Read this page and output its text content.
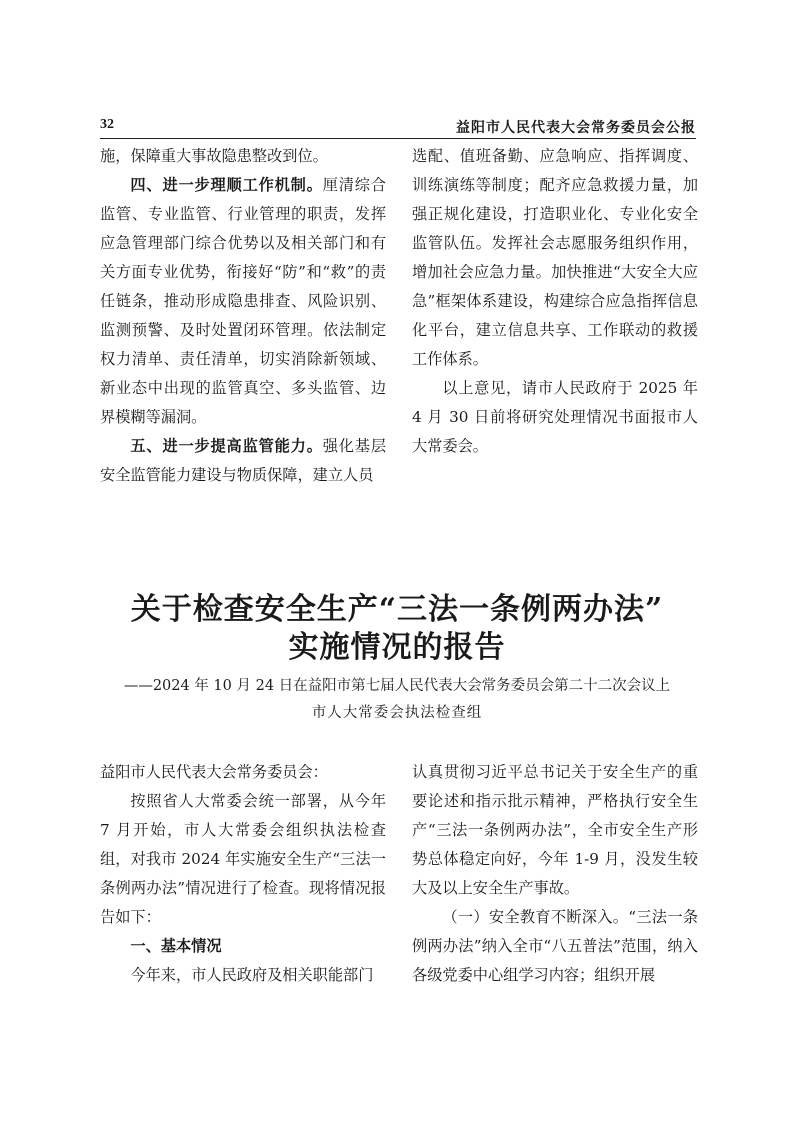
32	益阳市人民代表大会常务委员会公报

施，保障重大事故隐患整改到位。

四、进一步理顺工作机制。厘清综合监管、专业监管、行业管理的职责，发挥应急管理部门综合优势以及相关部门和有关方面专业优势，衔接好“防”和“救”的责任链条，推动形成隐患排查、风险识别、监测预警、及时处置闭环管理。依法制定权力清单、责任清单，切实消除新领域、新业态中出现的监管真空、多头监管、边界模糊等漏洞。

五、进一步提高监管能力。强化基层安全监管能力建设与物质保障，建立人员

选配、值班备勤、应急响应、指挥调度、训练演练等制度；配齐应急救援力量，加强正规化建设，打造职业化、专业化安全监管队伍。发挥社会志愿服务组织作用，增加社会应急力量。加快推进“大安全大应急”框架体系建设，构建综合应急指挥信息化平台，建立信息共享、工作联动的救援工作体系。

以上意见，请市人民政府于 2025 年 4 月 30 日前将研究处理情况书面报市人大常委会。

关于检查安全生产“三法一条例两办法”
实施情况的报告
——2024 年 10 月 24 日在益阳市第七届人民代表大会常务委员会第二十二次会议上
市人大常委会执法检查组

益阳市人民代表大会常务委员会：

按照省人大常委会统一部署，从今年 7 月开始，市人大常委会组织执法检查组，对我市 2024 年实施安全生产“三法一条例两办法”情况进行了检查。现将情况报告如下：

一、基本情况

今年来，市人民政府及相关职能部门

认真贯彻习近平总书记关于安全生产的重要论述和指示批示精神，严格执行安全生产“三法一条例两办法”，全市安全生产形势总体稳定向好，今年 1-9 月，没发生较大及以上安全生产事故。

（一）安全教育不断深入。“三法一条例两办法”纳入全市“八五普法”范围，纳入各级党委中心组学习内容；组织开展
